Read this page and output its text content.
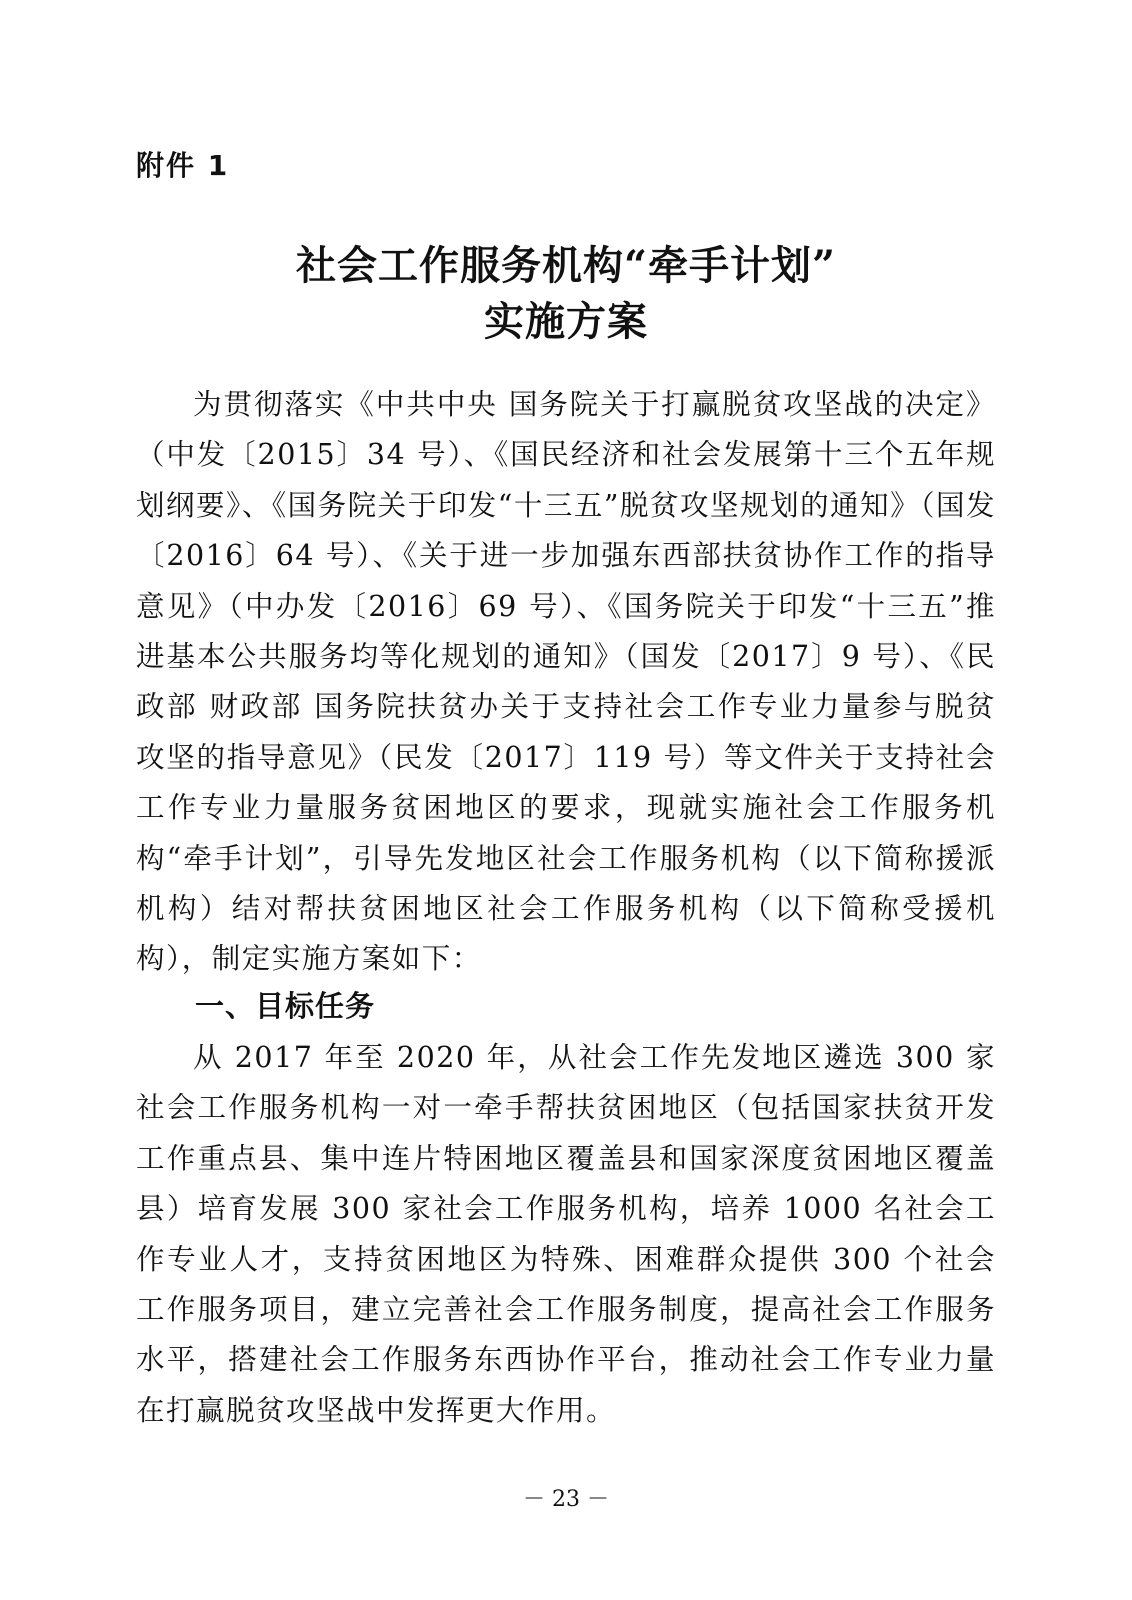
附件 1
社会工作服务机构“牵手计划”
实施方案

为贯彻落实《中共中央 国务院关于打赢脱贫攻坚战的决定》（中发〔2015〕34 号）、《国民经济和社会发展第十三个五年规划纲要》、《国务院关于印发“十三五”脱贫攻坚规划的通知》（国发〔2016〕64 号）、《关于进一步加强东西部扶贫协作工作的指导意见》（中办发〔2016〕69 号）、《国务院关于印发“十三五”推进基本公共服务均等化规划的通知》（国发〔2017〕9 号）、《民政部 财政部 国务院扶贫办关于支持社会工作专业力量参与脱贫攻坚的指导意见》（民发〔2017〕119 号）等文件关于支持社会工作专业力量服务贫困地区的要求，现就实施社会工作服务机构“牵手计划”，引导先发地区社会工作服务机构（以下简称援派机构）结对帮扶贫困地区社会工作服务机构（以下简称受援机构），制定实施方案如下：

一、目标任务

从 2017 年至 2020 年，从社会工作先发地区遴选 300 家社会工作服务机构一对一牵手帮扶贫困地区（包括国家扶贫开发工作重点县、集中连片特困地区覆盖县和国家深度贫困地区覆盖县）培育发展 300 家社会工作服务机构，培养 1000 名社会工作专业人才，支持贫困地区为特殊、困难群众提供 300 个社会工作服务项目，建立完善社会工作服务制度，提高社会工作服务水平，搭建社会工作服务东西协作平台，推动社会工作专业力量在打赢脱贫攻坚战中发挥更大作用。

－ 23 －
